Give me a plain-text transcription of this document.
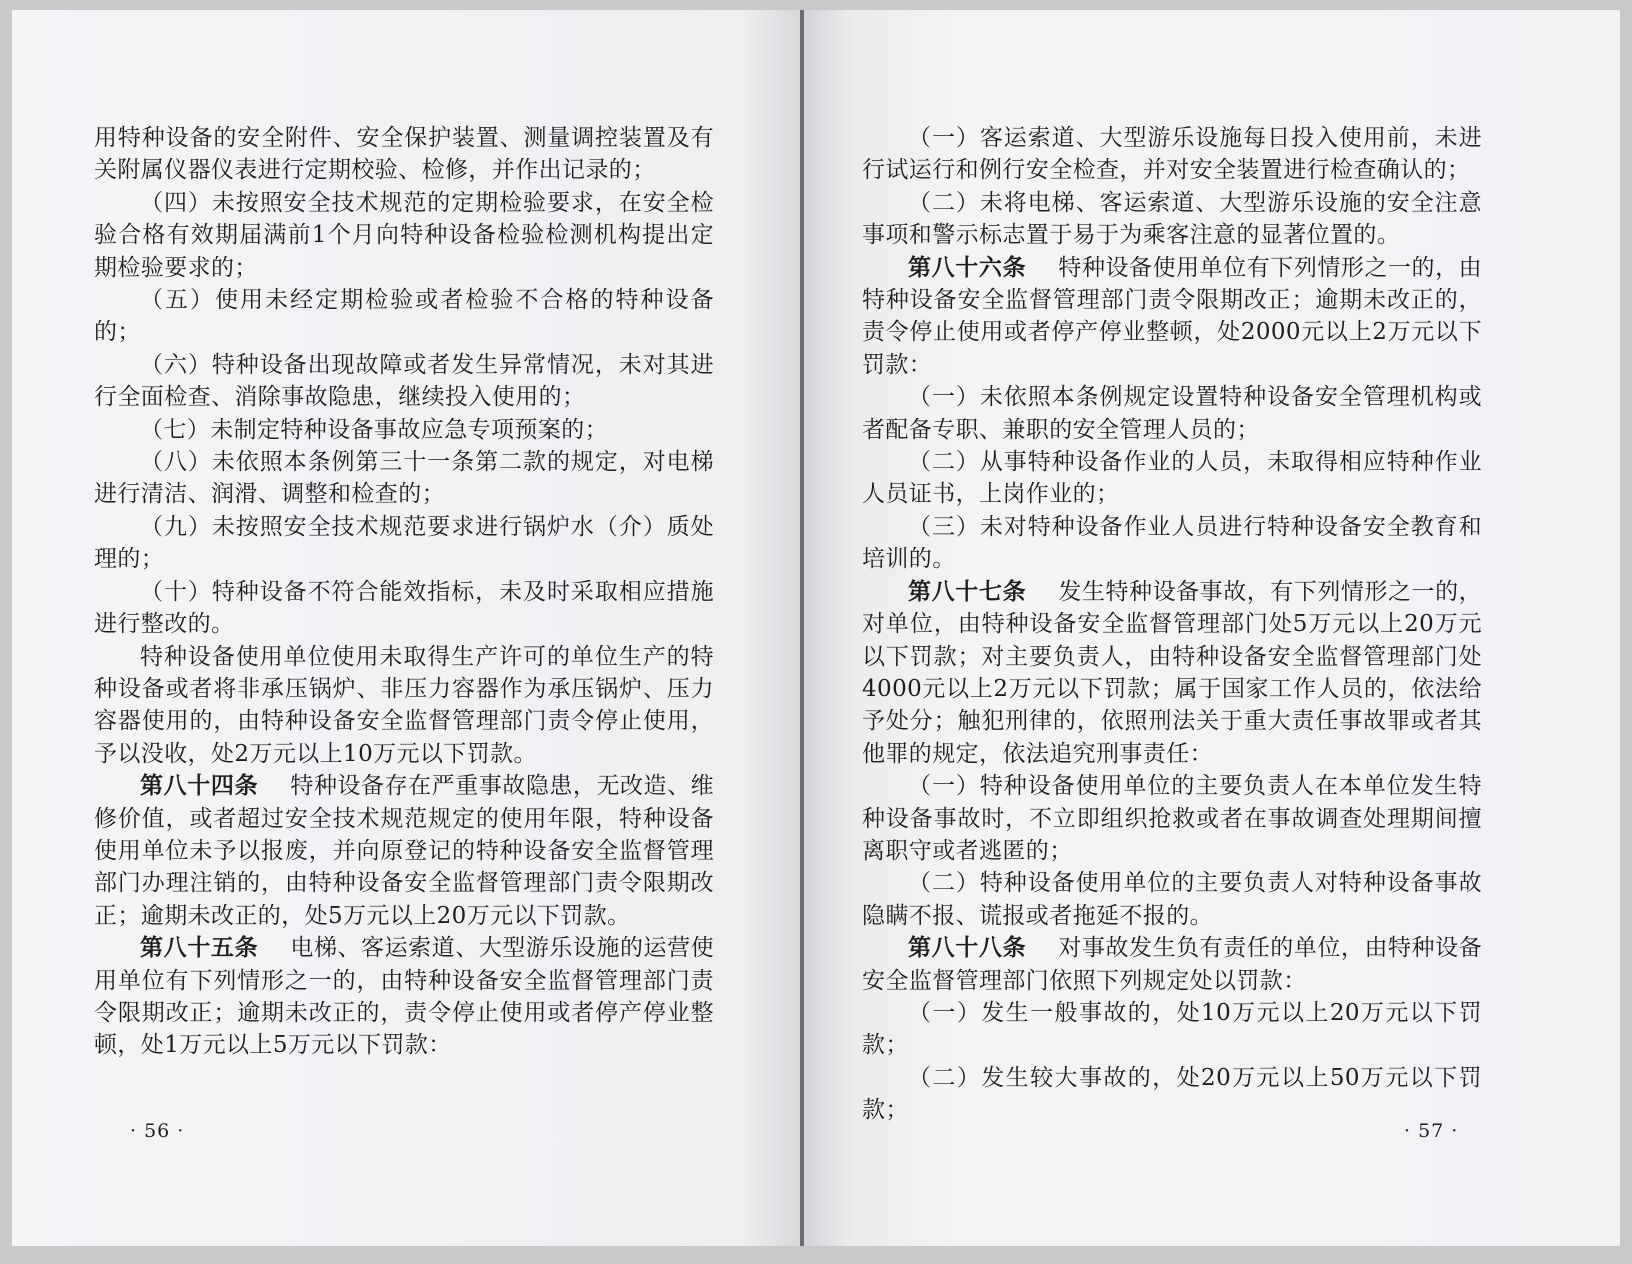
用特种设备的安全附件、安全保护装置、测量调控装置及有关附属仪器仪表进行定期校验、检修，并作出记录的；

（四）未按照安全技术规范的定期检验要求，在安全检验合格有效期届满前1个月向特种设备检验检测机构提出定期检验要求的；

（五）使用未经定期检验或者检验不合格的特种设备的；

（六）特种设备出现故障或者发生异常情况，未对其进行全面检查、消除事故隐患，继续投入使用的；

（七）未制定特种设备事故应急专项预案的；

（八）未依照本条例第三十一条第二款的规定，对电梯进行清洁、润滑、调整和检查的；

（九）未按照安全技术规范要求进行锅炉水（介）质处理的；

（十）特种设备不符合能效指标，未及时采取相应措施进行整改的。

特种设备使用单位使用未取得生产许可的单位生产的特种设备或者将非承压锅炉、非压力容器作为承压锅炉、压力容器使用的，由特种设备安全监督管理部门责令停止使用，予以没收，处2万元以上10万元以下罚款。

第八十四条 特种设备存在严重事故隐患，无改造、维修价值，或者超过安全技术规范规定的使用年限，特种设备使用单位未予以报废，并向原登记的特种设备安全监督管理部门办理注销的，由特种设备安全监督管理部门责令限期改正；逾期未改正的，处5万元以上20万元以下罚款。

第八十五条 电梯、客运索道、大型游乐设施的运营使用单位有下列情形之一的，由特种设备安全监督管理部门责令限期改正；逾期未改正的，责令停止使用或者停产停业整顿，处1万元以上5万元以下罚款：

· 56 ·

（一）客运索道、大型游乐设施每日投入使用前，未进行试运行和例行安全检查，并对安全装置进行检查确认的；

（二）未将电梯、客运索道、大型游乐设施的安全注意事项和警示标志置于易于为乘客注意的显著位置的。

第八十六条 特种设备使用单位有下列情形之一的，由特种设备安全监督管理部门责令限期改正；逾期未改正的，责令停止使用或者停产停业整顿，处2000元以上2万元以下罚款：

（一）未依照本条例规定设置特种设备安全管理机构或者配备专职、兼职的安全管理人员的；

（二）从事特种设备作业的人员，未取得相应特种作业人员证书，上岗作业的；

（三）未对特种设备作业人员进行特种设备安全教育和培训的。

第八十七条 发生特种设备事故，有下列情形之一的，对单位，由特种设备安全监督管理部门处5万元以上20万元以下罚款；对主要负责人，由特种设备安全监督管理部门处4000元以上2万元以下罚款；属于国家工作人员的，依法给予处分；触犯刑律的，依照刑法关于重大责任事故罪或者其他罪的规定，依法追究刑事责任：

（一）特种设备使用单位的主要负责人在本单位发生特种设备事故时，不立即组织抢救或者在事故调查处理期间擅离职守或者逃匿的；

（二）特种设备使用单位的主要负责人对特种设备事故隐瞒不报、谎报或者拖延不报的。

第八十八条 对事故发生负有责任的单位，由特种设备安全监督管理部门依照下列规定处以罚款：

（一）发生一般事故的，处10万元以上20万元以下罚款；

（二）发生较大事故的，处20万元以上50万元以下罚款；

· 57 ·
